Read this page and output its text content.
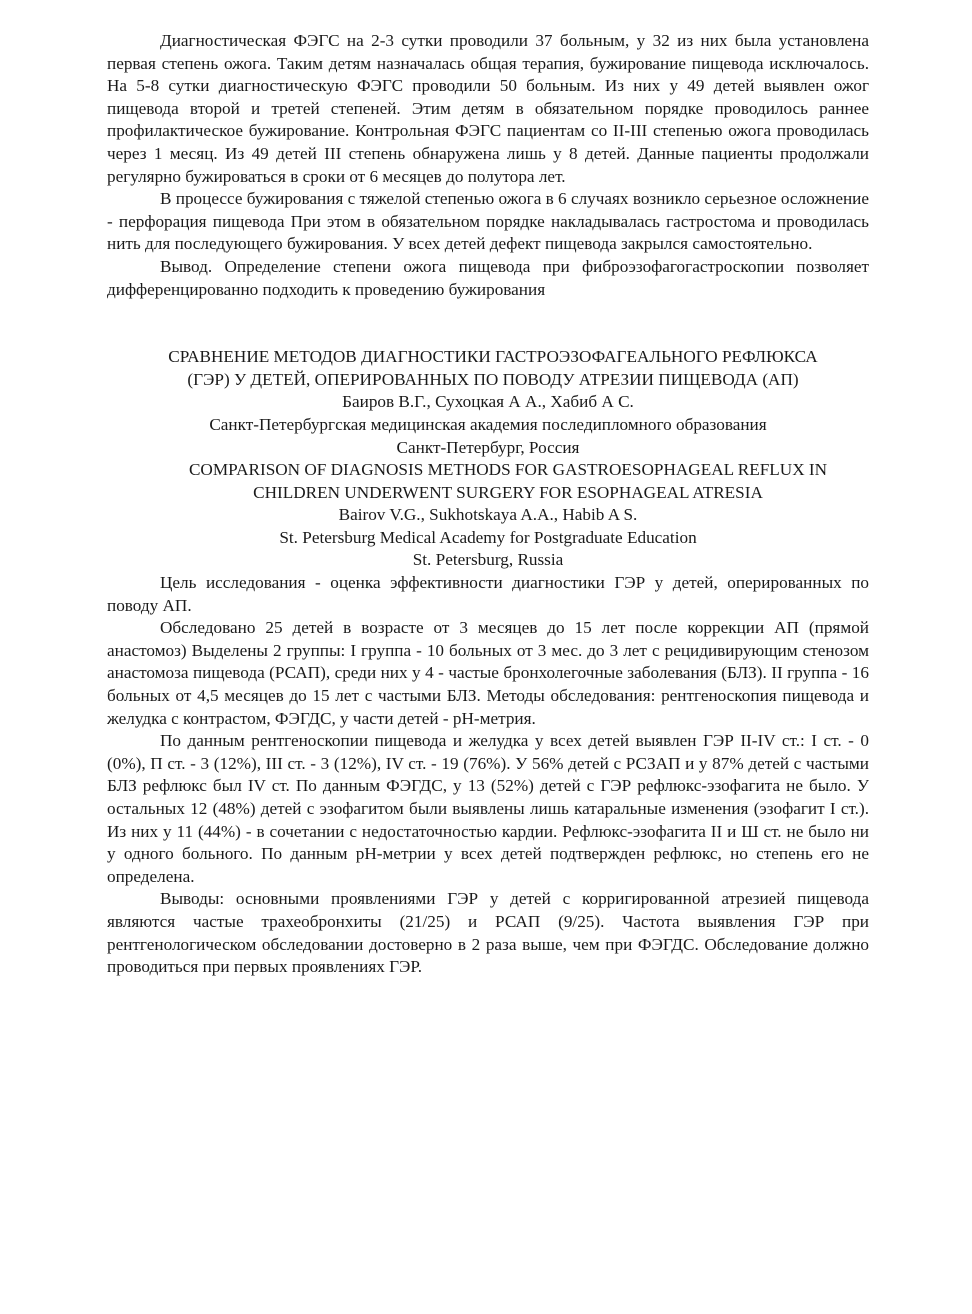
Диагностическая ФЭГС на 2-3 сутки проводили 37 больным, у 32 из них была установлена первая степень ожога. Таким детям назначалась общая терапия, бужирование пищевода исключалось. На 5-8 сутки диагностическую ФЭГС проводили 50 больным. Из них у 49 детей выявлен ожог пищевода второй и третей степеней. Этим детям в обязательном порядке проводилось раннее профилактическое бужирование. Контрольная ФЭГС пациентам со II-III степенью ожога проводилась через 1 месяц. Из 49 детей III степень обнаружена лишь у 8 детей. Данные пациенты продолжали регулярно бужироваться в сроки от 6 месяцев до полутора лет.

В процессе бужирования с тяжелой степенью ожога в 6 случаях возникло серьезное осложнение - перфорация пищевода При этом в обязательном порядке накладывалась гастростома и проводилась нить для последующего бужирования. У всех детей дефект пищевода закрылся самостоятельно.

Вывод. Определение степени ожога пищевода при фиброэзофагогастроскопии позволяет дифференцированно подходить к проведению бужирования

СРАВНЕНИЕ МЕТОДОВ ДИАГНОСТИКИ ГАСТРОЭЗОФАГЕАЛЬНОГО РЕФЛЮКСА (ГЭР) У ДЕТЕЙ, ОПЕРИРОВАННЫХ ПО ПОВОДУ АТРЕЗИИ ПИЩЕВОДА (АП)

Баиров В.Г., Сухоцкая А А., Хабиб А С.

Санкт-Петербургская медицинская академия последипломного образования

Санкт-Петербург, Россия

COMPARISON OF DIAGNOSIS METHODS FOR GASTROESOPHAGEAL REFLUX IN CHILDREN UNDERWENT SURGERY FOR ESOPHAGEAL ATRESIA

Bairov V.G., Sukhotskaya A.A., Habib A S.

St. Petersburg Medical Academy for Postgraduate Education

St. Petersburg, Russia

Цель исследования - оценка эффективности диагностики ГЭР у детей, оперированных по поводу АП.

Обследовано 25 детей в возрасте от 3 месяцев до 15 лет после коррекции АП (прямой анастомоз) Выделены 2 группы: I группа - 10 больных от 3 мес. до 3 лет с рецидивирующим стенозом анастомоза пищевода (РСАП), среди них у 4 - частые бронхолегочные заболевания (БЛЗ). II группа - 16 больных от 4,5 месяцев до 15 лет с частыми БЛЗ. Методы обследования: рентгеноскопия пищевода и желудка с контрастом, ФЭГДС, у части детей - pH-метрия.

По данным рентгеноскопии пищевода и желудка у всех детей выявлен ГЭР II-IV ст.: I ст. - 0 (0%), П ст. - 3 (12%), III ст. - 3 (12%), IV ст. - 19 (76%). У 56% детей с РСЗАП и у 87% детей с частыми БЛЗ рефлюкс был IV ст. По данным ФЭГДС, у 13 (52%) детей с ГЭР рефлюкс-эзофагита не было. У остальных 12 (48%) детей с эзофагитом были выявлены лишь катаральные изменения (эзофагит I ст.). Из них у 11 (44%) - в сочетании с недостаточностью кардии. Рефлюкс-эзофагита II и Ш ст. не было ни у одного больного. По данным pH-метрии у всех детей подтвержден рефлюкс, но степень его не определена.

Выводы: основными проявлениями ГЭР у детей с корригированной атрезией пищевода являются частые трахеобронхиты (21/25) и РСАП (9/25). Частота выявления ГЭР при рентгенологическом обследовании достоверно в 2 раза выше, чем при ФЭГДС. Обследование должно проводиться при первых проявлениях ГЭР.
